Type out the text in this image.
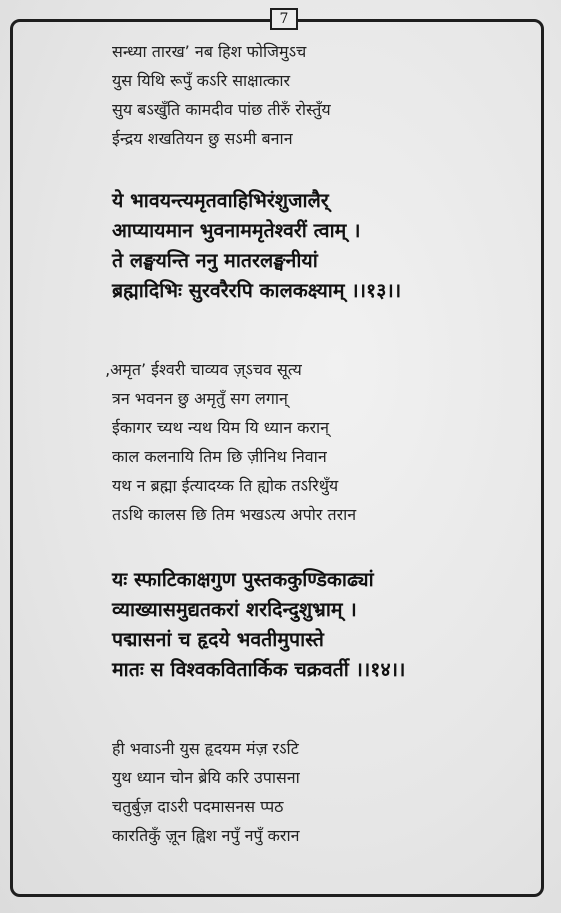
7

सन्ध्या तारख’ नब हिश फोजिमुऽच

युस यिथि रूपुँ कऽरि साक्षात्कार

सुय बऽखुँति कामदीव पांछ तीरुँ रोस्तुँय

ईन्द्रय शखतियन छु सऽमी बनान

ये भावयन्त्यमृतवाहिभिरंशुजालैर्

आप्यायमान भुवनाममृतेश्वरीं त्वाम् ।

ते लङ्घयन्ति ननु मातरलङ्घनीयां

ब्रह्मादिभिः सुरवरैरपि कालकक्ष्याम् ।।१३।।

‚अमृत’ ईश्वरी चाव्यव ज़्ऽचव सूत्य

त्रन भवनन छु अमृतुँ सग लगान्

ईकागर च्यथ न्यथ यिम यि ध्यान करान्

काल कलनायि तिम छि ज़ीनिथ निवान

यथ न ब्रह्मा ईत्यादय्क ति ह्योक तऽरिथुँय

तऽथि कालस छि तिम भखऽत्य अपोर तरान

यः स्फाटिकाक्षगुण पुस्तककुण्डिकाढ्यां

व्याख्यासमुद्यतकरां शरदिन्दुशुभ्राम् ।

पद्मासनां च हृदये भवतीमुपास्ते

मातः स विश्वकवितार्किक चक्रवर्ती ।।१४।।

ही भवाऽनी युस हृदयम मंज़ रऽटि

युथ ध्यान चोन ब्रेयि करि उपासना

चतुर्बुज़ दाऽरी पदमासनस प्पठ

कारतिकुँ ज़ून ह्विश नपुँ नपुँ करान
